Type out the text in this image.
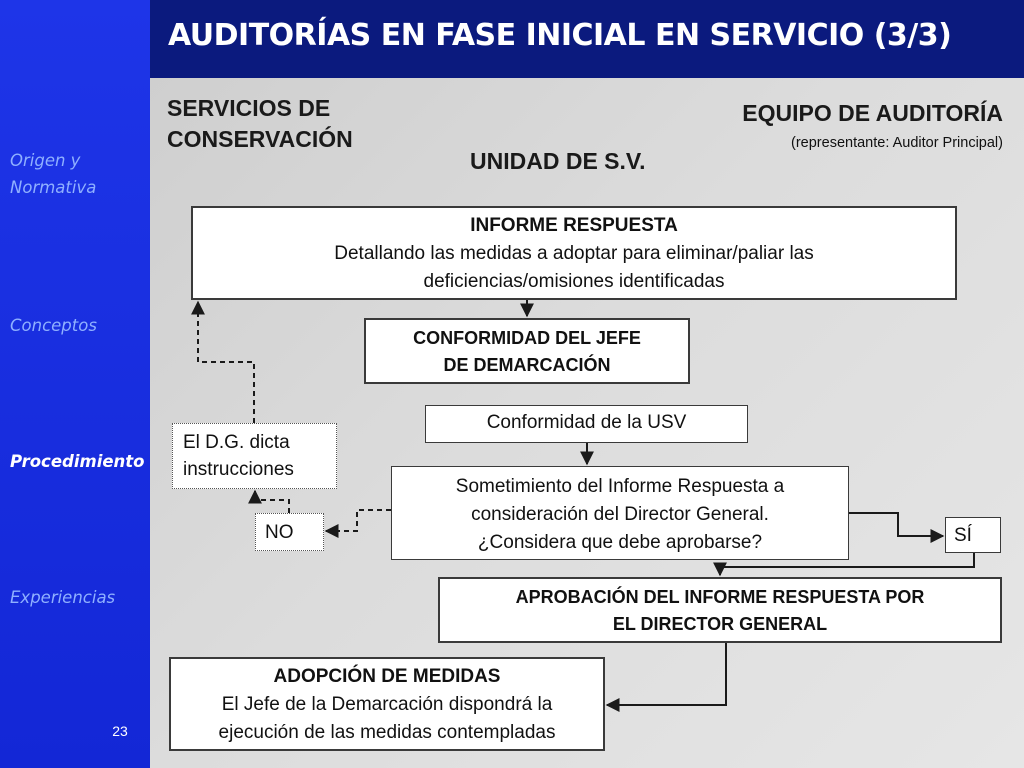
Origen y
Normativa
Conceptos
Procedimiento
Experiencias
23
AUDITORÍAS EN FASE INICIAL EN SERVICIO (3/3)
SERVICIOS DE
CONSERVACIÓN
EQUIPO DE AUDITORÍA
(representante: Auditor Principal)
UNIDAD DE S.V.
INFORME RESPUESTA
Detallando las medidas a adoptar para eliminar/paliar las
deficiencias/omisiones identificadas
CONFORMIDAD DEL JEFE
DE DEMARCACIÓN
Conformidad de la USV
El D.G. dicta
instrucciones
Sometimiento del Informe Respuesta a
consideración del Director General.
¿Considera que debe aprobarse?
NO	SÍ
APROBACIÓN DEL INFORME RESPUESTA POR
EL DIRECTOR GENERAL
ADOPCIÓN DE MEDIDAS
El Jefe de la Demarcación dispondrá la
ejecución de las medidas contempladas
